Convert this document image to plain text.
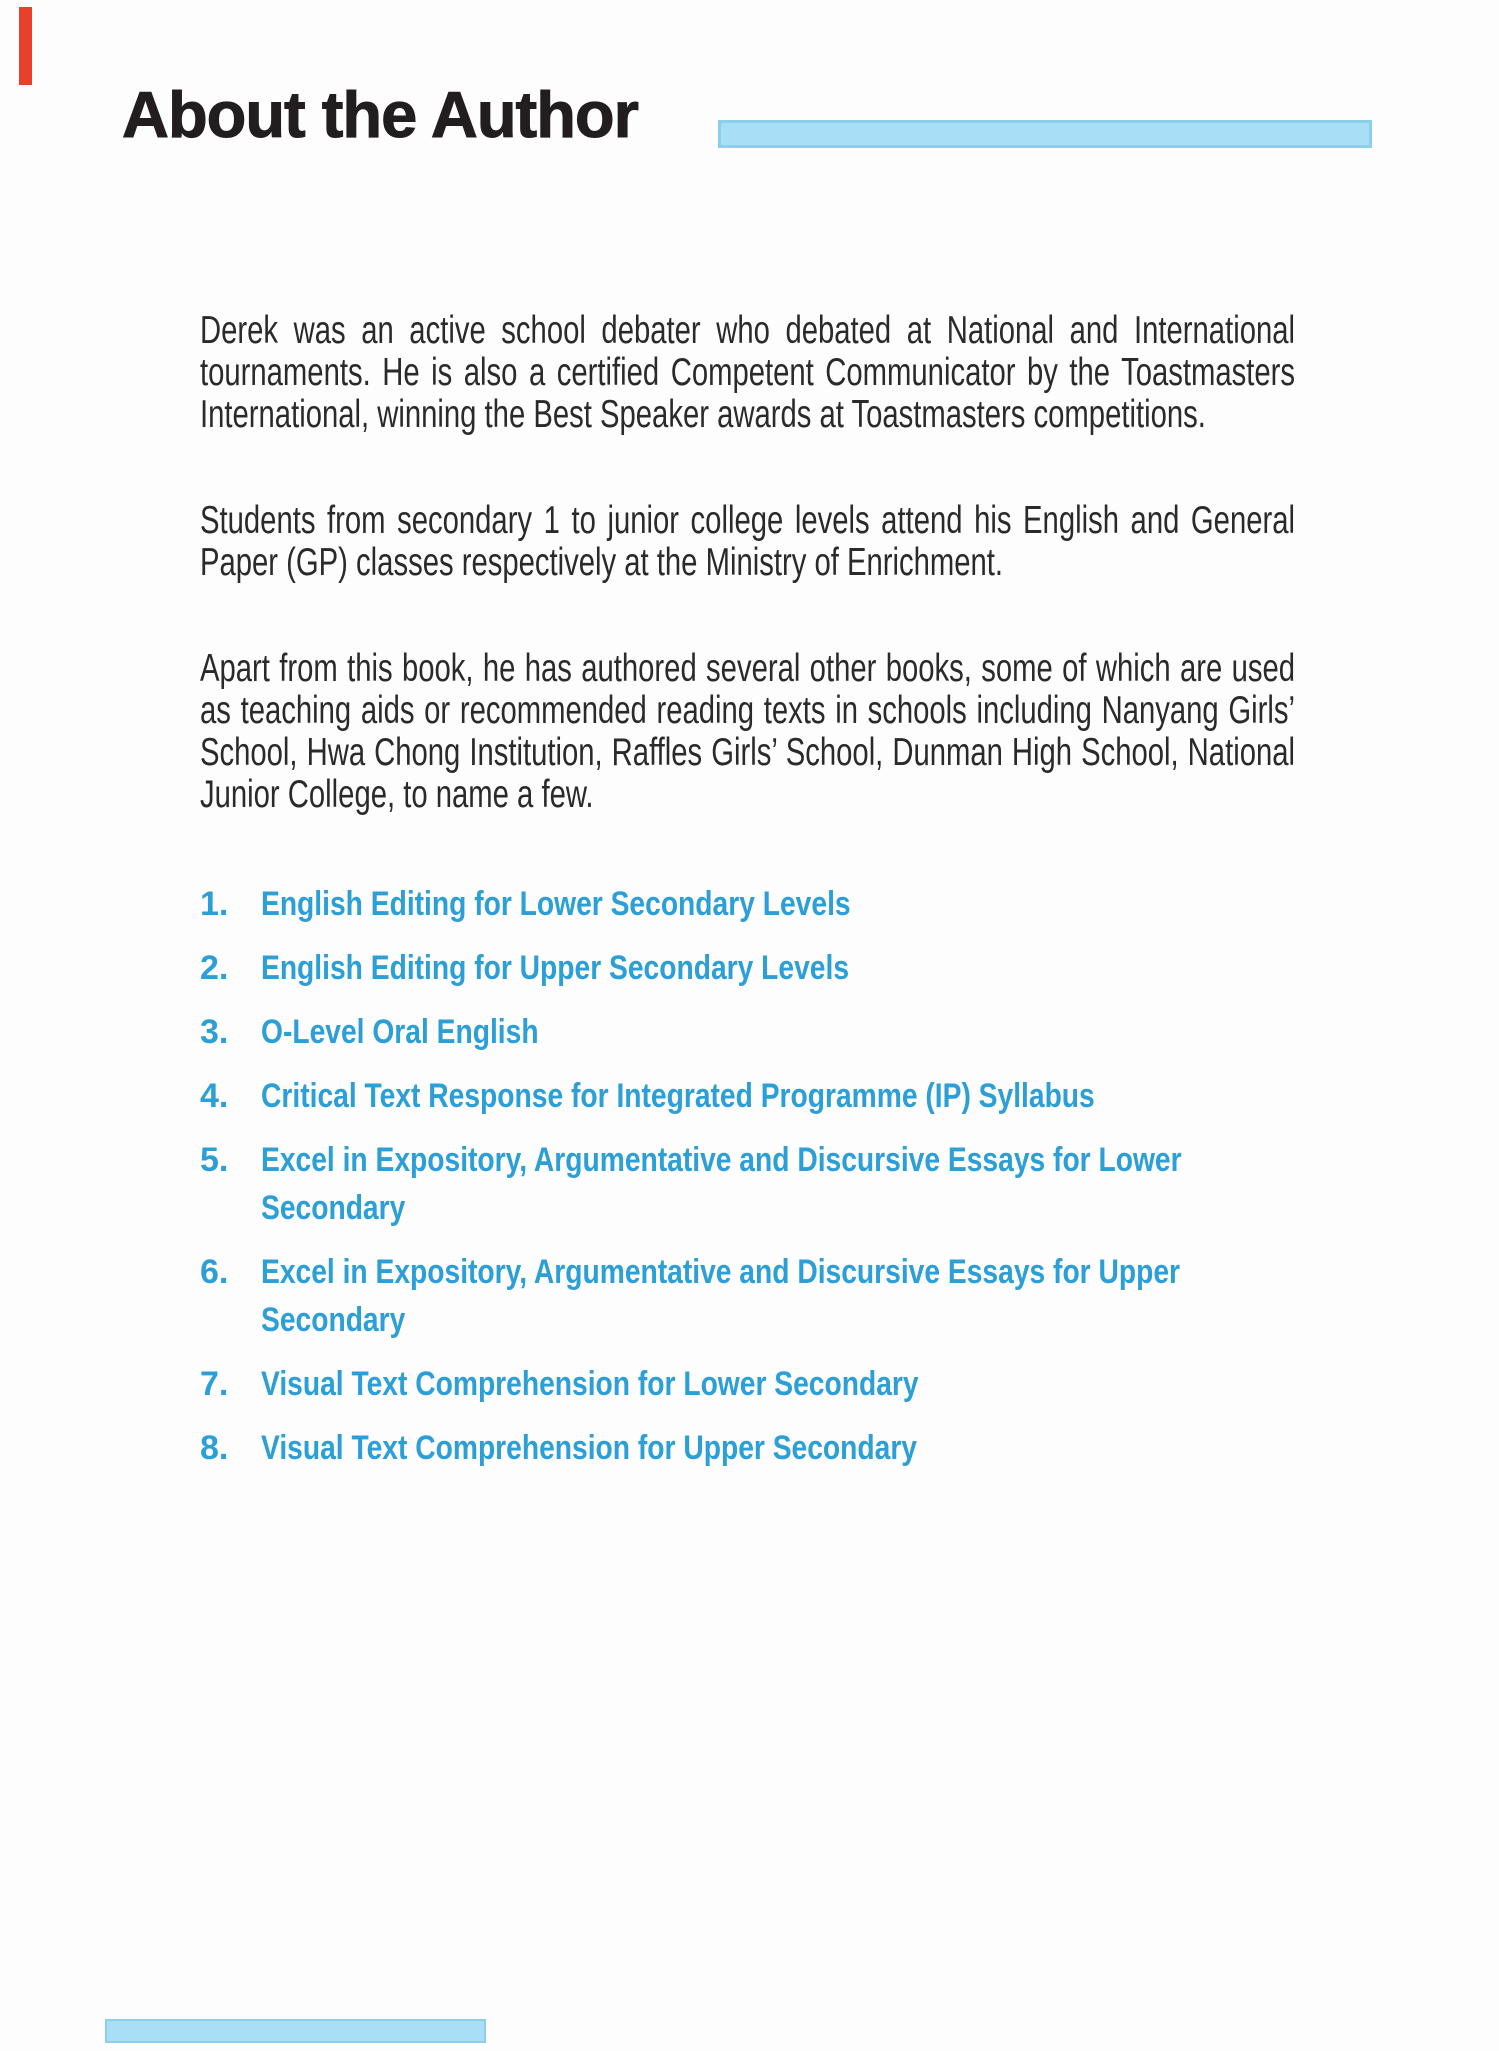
About the Author

Derek was an active school debater who debated at National and International tournaments. He is also a certified Competent Communicator by the Toastmasters International, winning the Best Speaker awards at Toastmasters competitions.

Students from secondary 1 to junior college levels attend his English and General Paper (GP) classes respectively at the Ministry of Enrichment.

Apart from this book, he has authored several other books, some of which are used as teaching aids or recommended reading texts in schools including Nanyang Girls’ School, Hwa Chong Institution, Raffles Girls’ School, Dunman High School, National Junior College, to name a few.

1. English Editing for Lower Secondary Levels
2. English Editing for Upper Secondary Levels
3. O-Level Oral English
4. Critical Text Response for Integrated Programme (IP) Syllabus
5. Excel in Expository, Argumentative and Discursive Essays for Lower Secondary
6. Excel in Expository, Argumentative and Discursive Essays for Upper Secondary
7. Visual Text Comprehension for Lower Secondary
8. Visual Text Comprehension for Upper Secondary
